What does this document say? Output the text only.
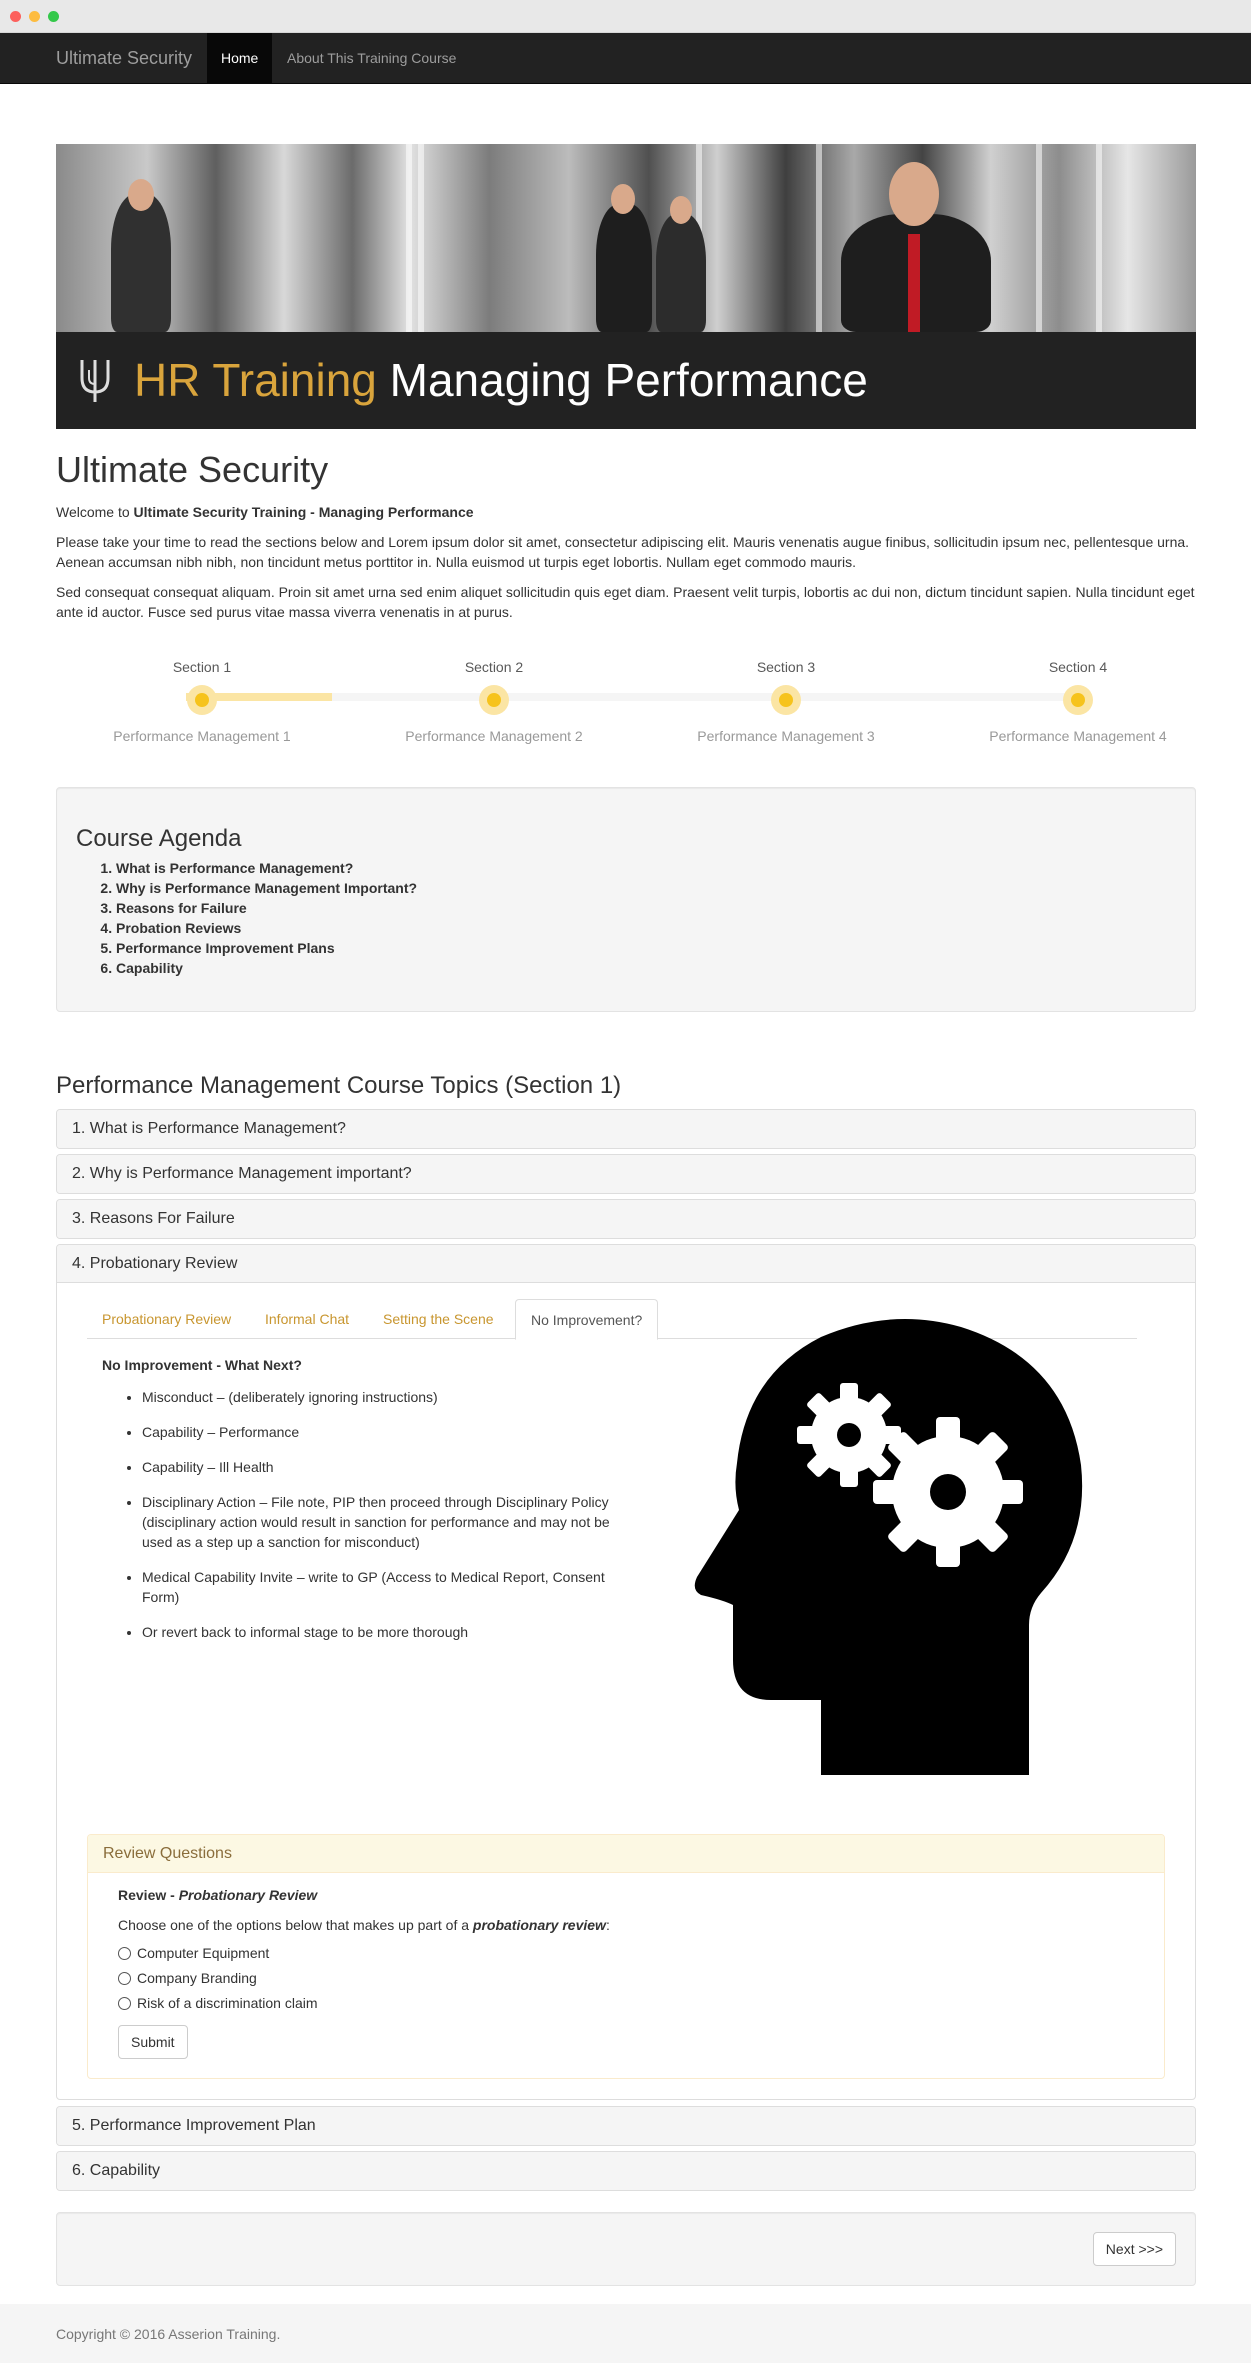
Ultimate Security	Home	About This Training Course
HR Training Managing Performance
Ultimate Security

Welcome to Ultimate Security Training - Managing Performance

Please take your time to read the sections below and Lorem ipsum dolor sit amet, consectetur adipiscing elit. Mauris venenatis augue finibus, sollicitudin ipsum nec, pellentesque urna. Aenean accumsan nibh nibh, non tincidunt metus porttitor in. Nulla euismod ut turpis eget lobortis. Nullam eget commodo mauris.

Sed consequat consequat aliquam. Proin sit amet urna sed enim aliquet sollicitudin quis eget diam. Praesent velit turpis, lobortis ac dui non, dictum tincidunt sapien. Nulla tincidunt eget ante id auctor. Fusce sed purus vitae massa viverra venenatis in at purus.

Section 1
Performance Management 1
Section 2
Performance Management 2
Section 3
Performance Management 3
Section 4
Performance Management 4
Course Agenda
1. What is Performance Management?
2. Why is Performance Management Important?
3. Reasons for Failure
4. Probation Reviews
5. Performance Improvement Plans
6. Capability
Performance Management Course Topics (Section 1)
1. What is Performance Management?
2. Why is Performance Management important?
3. Reasons For Failure
4. Probationary Review
Probationary Review	Informal Chat	Setting the Scene	No Improvement?
No Improvement - What Next?
• Misconduct – (deliberately ignoring instructions)
• Capability – Performance
• Capability – Ill Health
• Disciplinary Action – File note, PIP then proceed through Disciplinary Policy (disciplinary action would result in sanction for performance and may not be used as a step up a sanction for misconduct)
• Medical Capability Invite – write to GP (Access to Medical Report, Consent Form)
• Or revert back to informal stage to be more thorough
Review Questions
Review - Probationary Review

Choose one of the options below that makes up part of a probationary review:

Computer Equipment
Company Branding
Risk of a discrimination claim
Submit
5. Performance Improvement Plan
6. Capability
Next >>>

Copyright © 2016 Asserion Training.
